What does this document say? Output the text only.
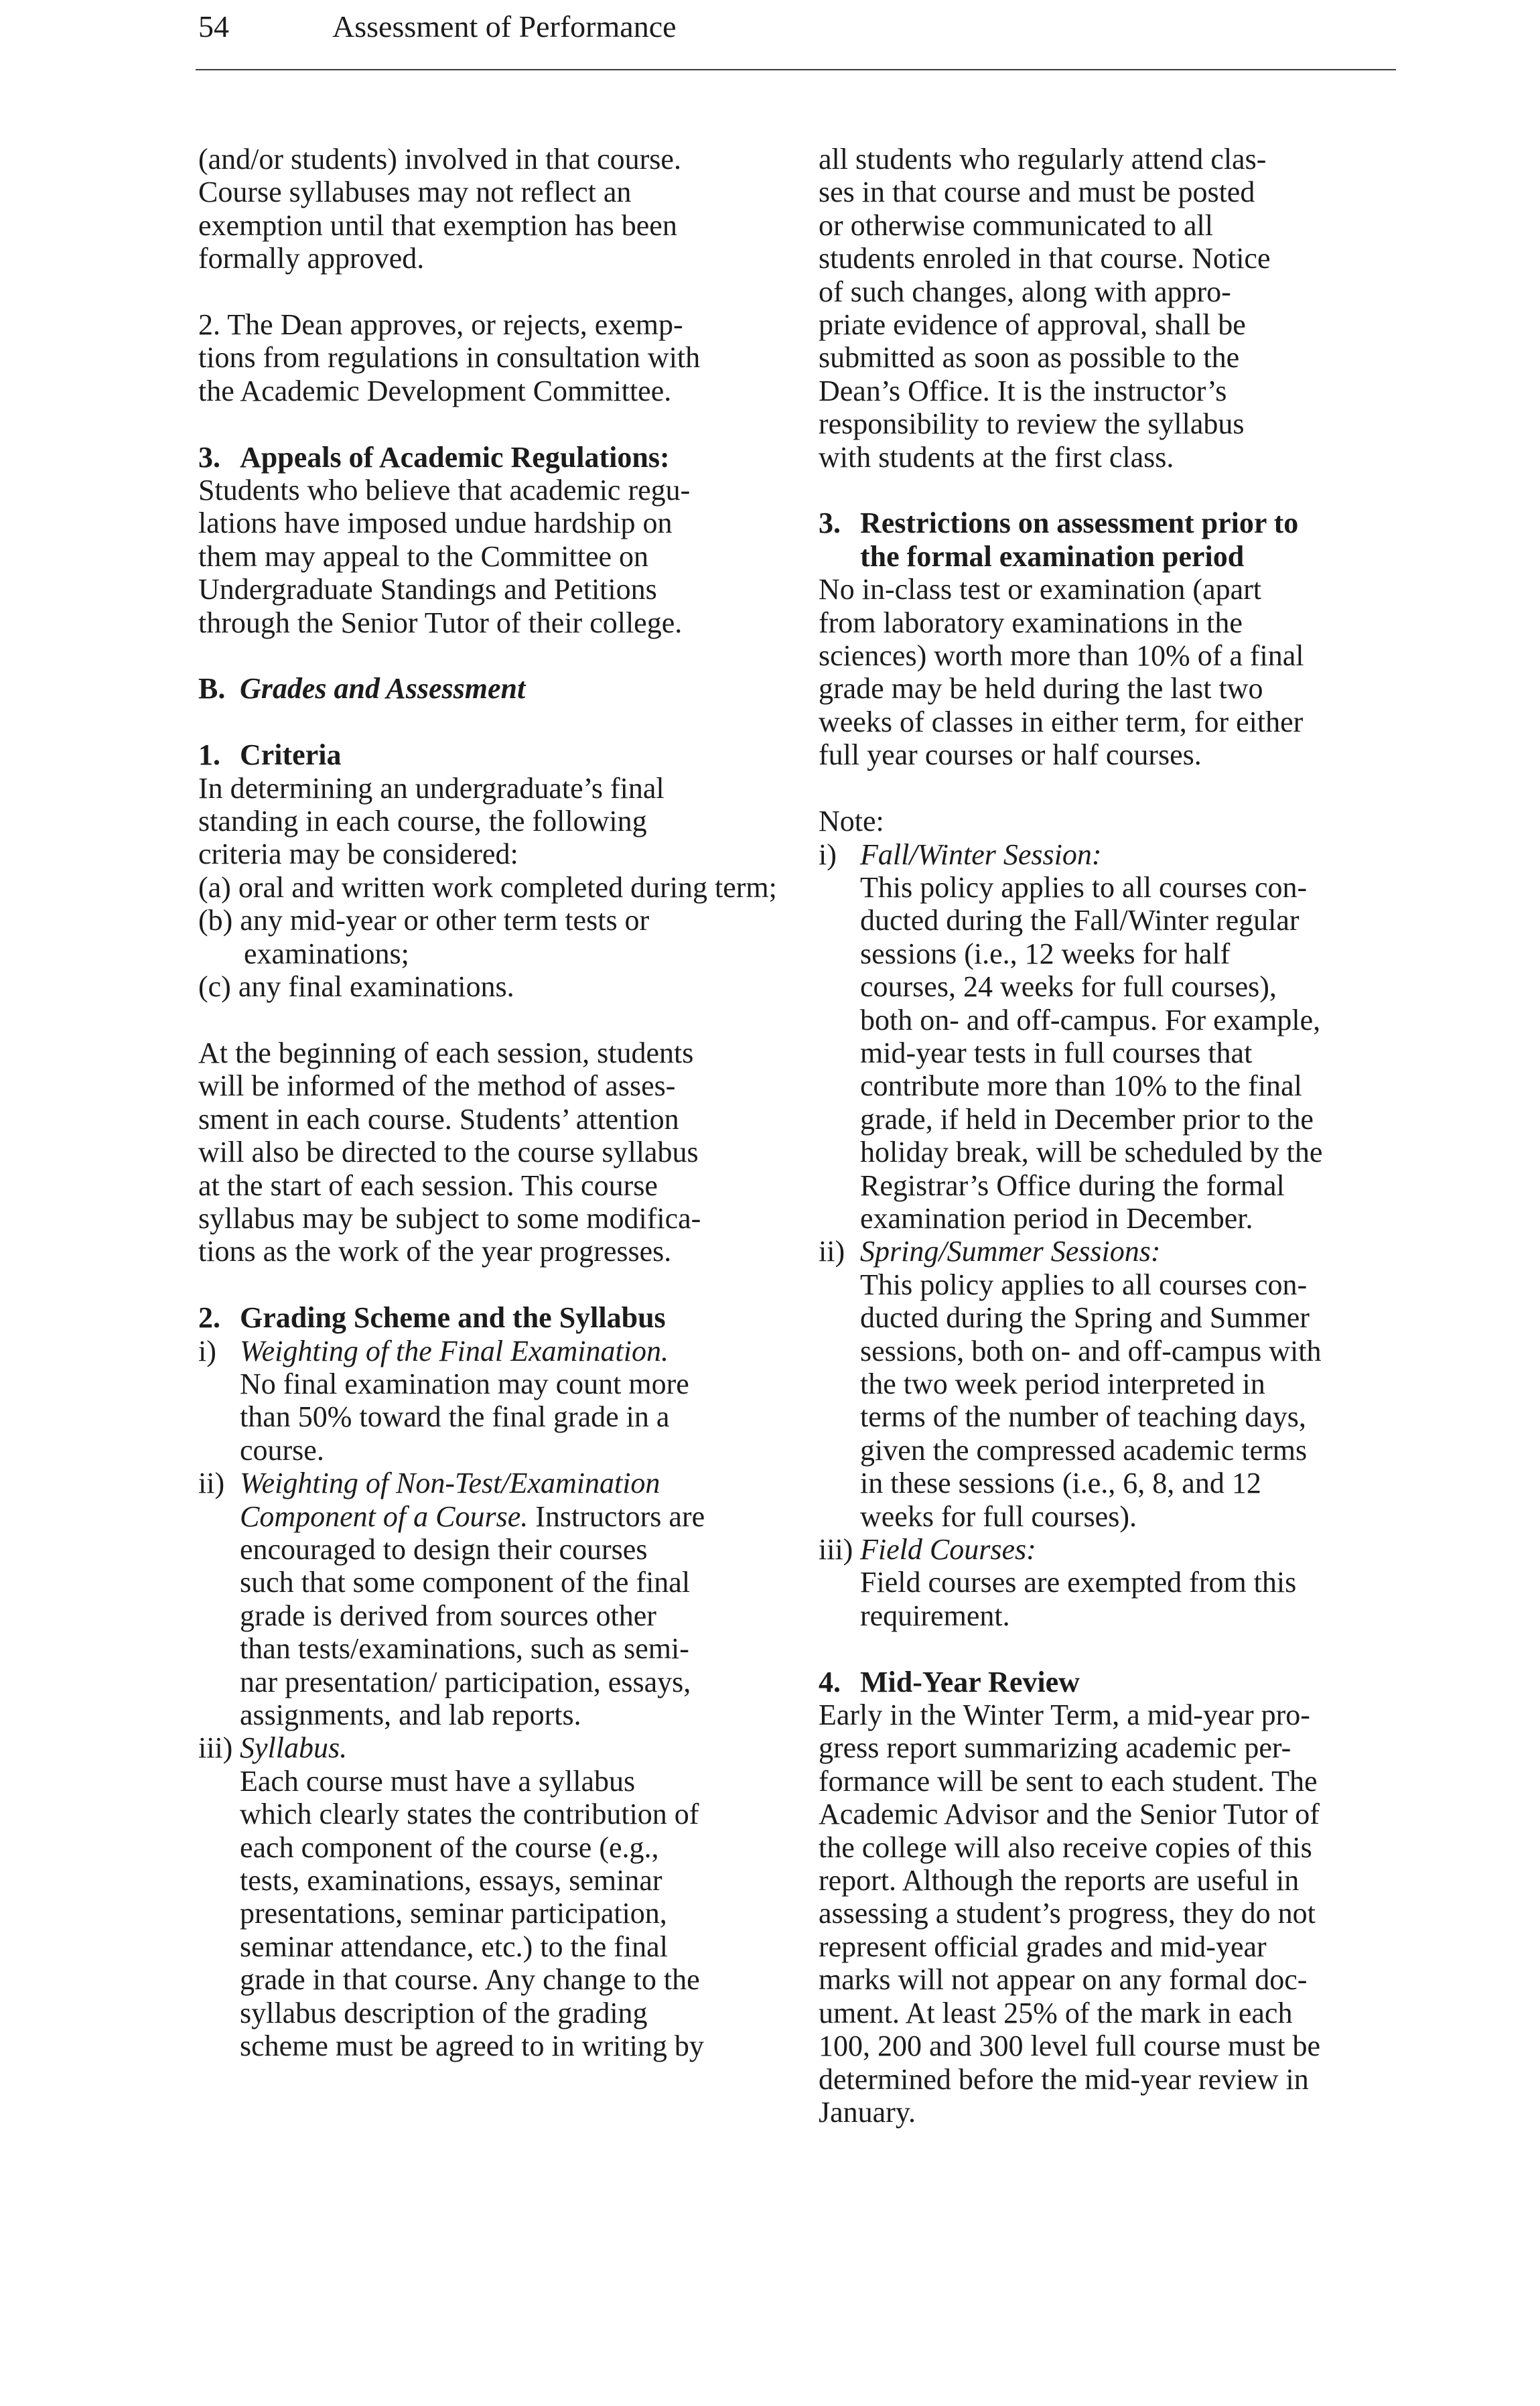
54	Assessment of Performance
(and/or students) involved in that course.
Course syllabuses may not reflect an
exemption until that exemption has been
formally approved.
2. The Dean approves, or rejects, exemp-
tions from regulations in consultation with
the Academic Development Committee.
3. Appeals of Academic Regulations:
Students who believe that academic regu-
lations have imposed undue hardship on
them may appeal to the Committee on
Undergraduate Standings and Petitions
through the Senior Tutor of their college.
B. Grades and Assessment
1. Criteria
In determining an undergraduate’s final
standing in each course, the following
criteria may be considered:
(a) oral and written work completed during term;
(b) any mid-year or other term tests or examinations;
(c) any final examinations.
At the beginning of each session, students
will be informed of the method of asses-
sment in each course. Students’ attention
will also be directed to the course syllabus
at the start of each session. This course
syllabus may be subject to some modifica-
tions as the work of the year progresses.
2. Grading Scheme and the Syllabus
i) Weighting of the Final Examination.
No final examination may count more
than 50% toward the final grade in a
course.
ii) Weighting of Non-Test/Examination
Component of a Course. Instructors are
encouraged to design their courses
such that some component of the final
grade is derived from sources other
than tests/examinations, such as semi-
nar presentation/ participation, essays,
assignments, and lab reports.
iii) Syllabus.
Each course must have a syllabus
which clearly states the contribution of
each component of the course (e.g.,
tests, examinations, essays, seminar
presentations, seminar participation,
seminar attendance, etc.) to the final
grade in that course. Any change to the
syllabus description of the grading
scheme must be agreed to in writing by
all students who regularly attend clas-
ses in that course and must be posted
or otherwise communicated to all
students enroled in that course. Notice
of such changes, along with appro-
priate evidence of approval, shall be
submitted as soon as possible to the
Dean’s Office. It is the instructor’s
responsibility to review the syllabus
with students at the first class.
3. Restrictions on assessment prior to
the formal examination period
No in-class test or examination (apart
from laboratory examinations in the
sciences) worth more than 10% of a final
grade may be held during the last two
weeks of classes in either term, for either
full year courses or half courses.
Note:
i) Fall/Winter Session:
This policy applies to all courses con-
ducted during the Fall/Winter regular
sessions (i.e., 12 weeks for half
courses, 24 weeks for full courses),
both on- and off-campus. For example,
mid-year tests in full courses that
contribute more than 10% to the final
grade, if held in December prior to the
holiday break, will be scheduled by the
Registrar’s Office during the formal
examination period in December.
ii) Spring/Summer Sessions:
This policy applies to all courses con-
ducted during the Spring and Summer
sessions, both on- and off-campus with
the two week period interpreted in
terms of the number of teaching days,
given the compressed academic terms
in these sessions (i.e., 6, 8, and 12
weeks for full courses).
iii) Field Courses:
Field courses are exempted from this
requirement.
4. Mid-Year Review
Early in the Winter Term, a mid-year pro-
gress report summarizing academic per-
formance will be sent to each student. The
Academic Advisor and the Senior Tutor of
the college will also receive copies of this
report. Although the reports are useful in
assessing a student’s progress, they do not
represent official grades and mid-year
marks will not appear on any formal doc-
ument. At least 25% of the mark in each
100, 200 and 300 level full course must be
determined before the mid-year review in
January.
